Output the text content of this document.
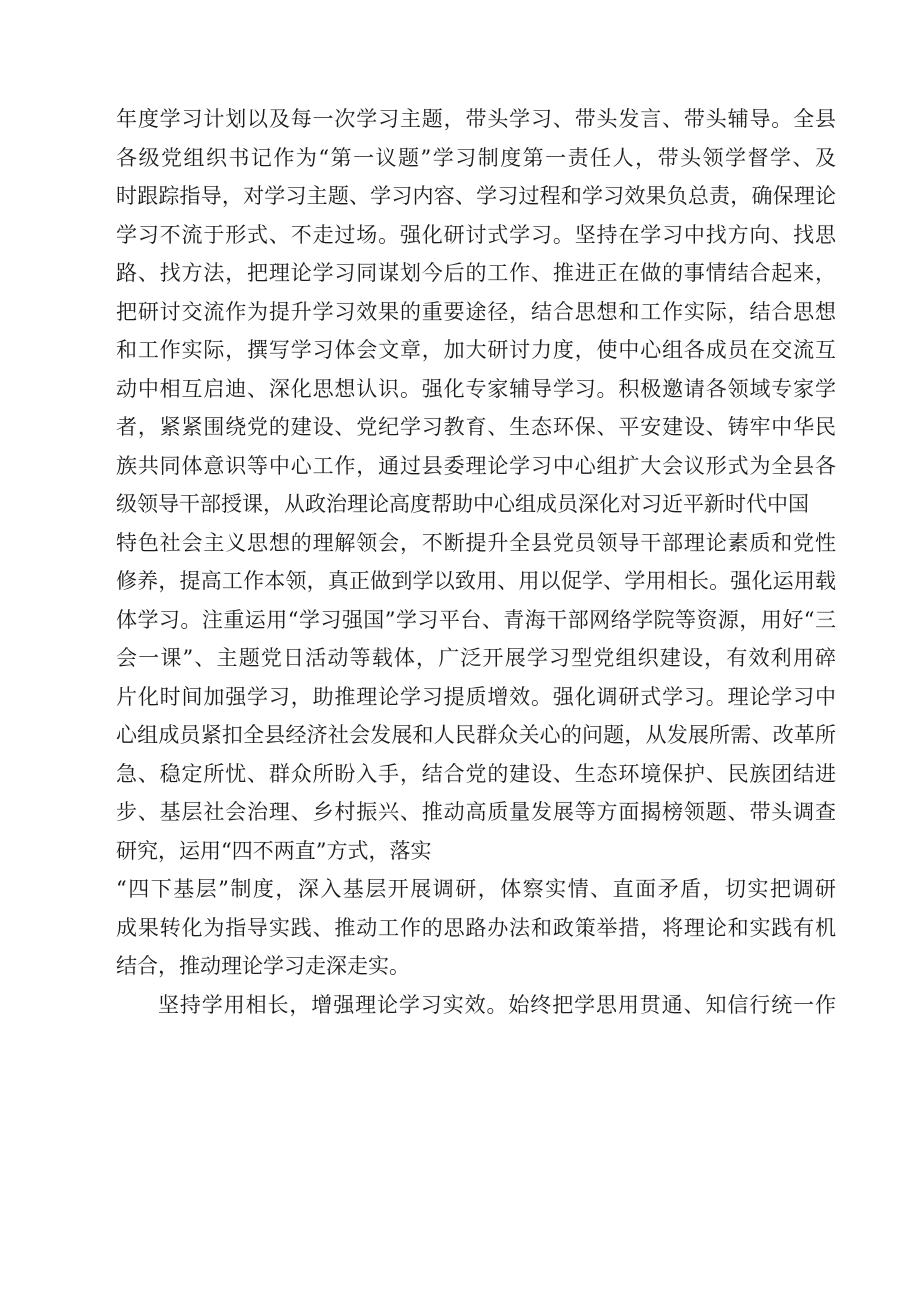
年度学习计划以及每一次学习主题，带头学习、带头发言、带头辅导。全县
各级党组织书记作为“第一议题”学习制度第一责任人，带头领学督学、及
时跟踪指导，对学习主题、学习内容、学习过程和学习效果负总责，确保理论
学习不流于形式、不走过场。强化研讨式学习。坚持在学习中找方向、找思
路、找方法，把理论学习同谋划今后的工作、推进正在做的事情结合起来，
把研讨交流作为提升学习效果的重要途径，结合思想和工作实际，结合思想
和工作实际，撰写学习体会文章，加大研讨力度，使中心组各成员在交流互
动中相互启迪、深化思想认识。强化专家辅导学习。积极邀请各领域专家学
者，紧紧围绕党的建设、党纪学习教育、生态环保、平安建设、铸牢中华民
族共同体意识等中心工作，通过县委理论学习中心组扩大会议形式为全县各
级领导干部授课，从政治理论高度帮助中心组成员深化对习近平新时代中国
特色社会主义思想的理解领会，不断提升全县党员领导干部理论素质和党性
修养，提高工作本领，真正做到学以致用、用以促学、学用相长。强化运用载
体学习。注重运用“学习强国”学习平台、青海干部网络学院等资源，用好“三
会一课”、主题党日活动等载体，广泛开展学习型党组织建设，有效利用碎
片化时间加强学习，助推理论学习提质增效。强化调研式学习。理论学习中
心组成员紧扣全县经济社会发展和人民群众关心的问题，从发展所需、改革所
急、稳定所忧、群众所盼入手，结合党的建设、生态环境保护、民族团结进
步、基层社会治理、乡村振兴、推动高质量发展等方面揭榜领题、带头调查
研究，运用“四不两直”方式，落实
“四下基层”制度，深入基层开展调研，体察实情、直面矛盾，切实把调研
成果转化为指导实践、推动工作的思路办法和政策举措，将理论和实践有机
结合，推动理论学习走深走实。
坚持学用相长，增强理论学习实效。始终把学思用贯通、知信行统一作
